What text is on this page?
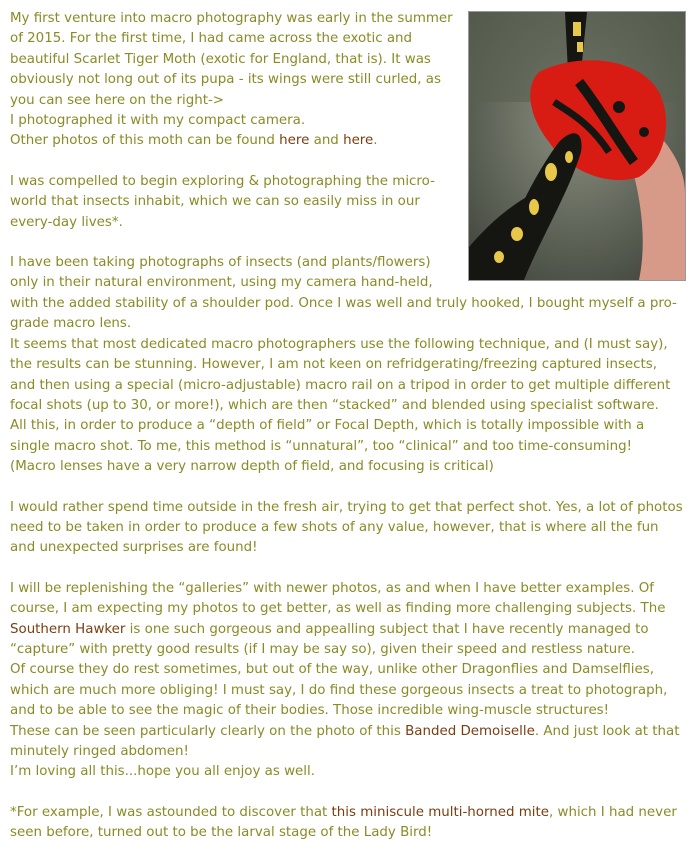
My first venture into macro photography was early in the summer of 2015. For the first time, I had came across the exotic and beautiful Scarlet Tiger Moth (exotic for England, that is). It was obviously not long out of its pupa - its wings were still curled, as you can see here on the right->
I photographed it with my compact camera.
Other photos of this moth can be found here and here.

I was compelled to begin exploring & photographing the micro-world that insects inhabit, which we can so easily miss in our every-day lives*.

I have been taking photographs of insects (and plants/flowers) only in their natural environment, using my camera hand-held, with the added stability of a shoulder pod. Once I was well and truly hooked, I bought myself a pro-grade macro lens.
It seems that most dedicated macro photographers use the following technique, and (I must say), the results can be stunning. However, I am not keen on refridgerating/freezing captured insects, and then using a special (micro-adjustable) macro rail on a tripod in order to get multiple different focal shots (up to 30, or more!), which are then “stacked” and blended using specialist software.
All this, in order to produce a “depth of field” or Focal Depth, which is totally impossible with a single macro shot. To me, this method is “unnatural”, too “clinical” and too time-consuming!
(Macro lenses have a very narrow depth of field, and focusing is critical)

I would rather spend time outside in the fresh air, trying to get that perfect shot. Yes, a lot of photos need to be taken in order to produce a few shots of any value, however, that is where all the fun and unexpected surprises are found!

I will be replenishing the “galleries” with newer photos, as and when I have better examples. Of course, I am expecting my photos to get better, as well as finding more challenging subjects. The Southern Hawker is one such gorgeous and appealling subject that I have recently managed to “capture” with pretty good results (if I may be say so), given their speed and restless nature.
Of course they do rest sometimes, but out of the way, unlike other Dragonflies and Damselflies, which are much more obliging! I must say, I do find these gorgeous insects a treat to photograph, and to be able to see the magic of their bodies. Those incredible wing-muscle structures!
These can be seen particularly clearly on the photo of this Banded Demoiselle. And just look at that minutely ringed abdomen!
I’m loving all this...hope you all enjoy as well.

*For example, I was astounded to discover that this miniscule multi-horned mite, which I had never seen before, turned out to be the larval stage of the Lady Bird!
